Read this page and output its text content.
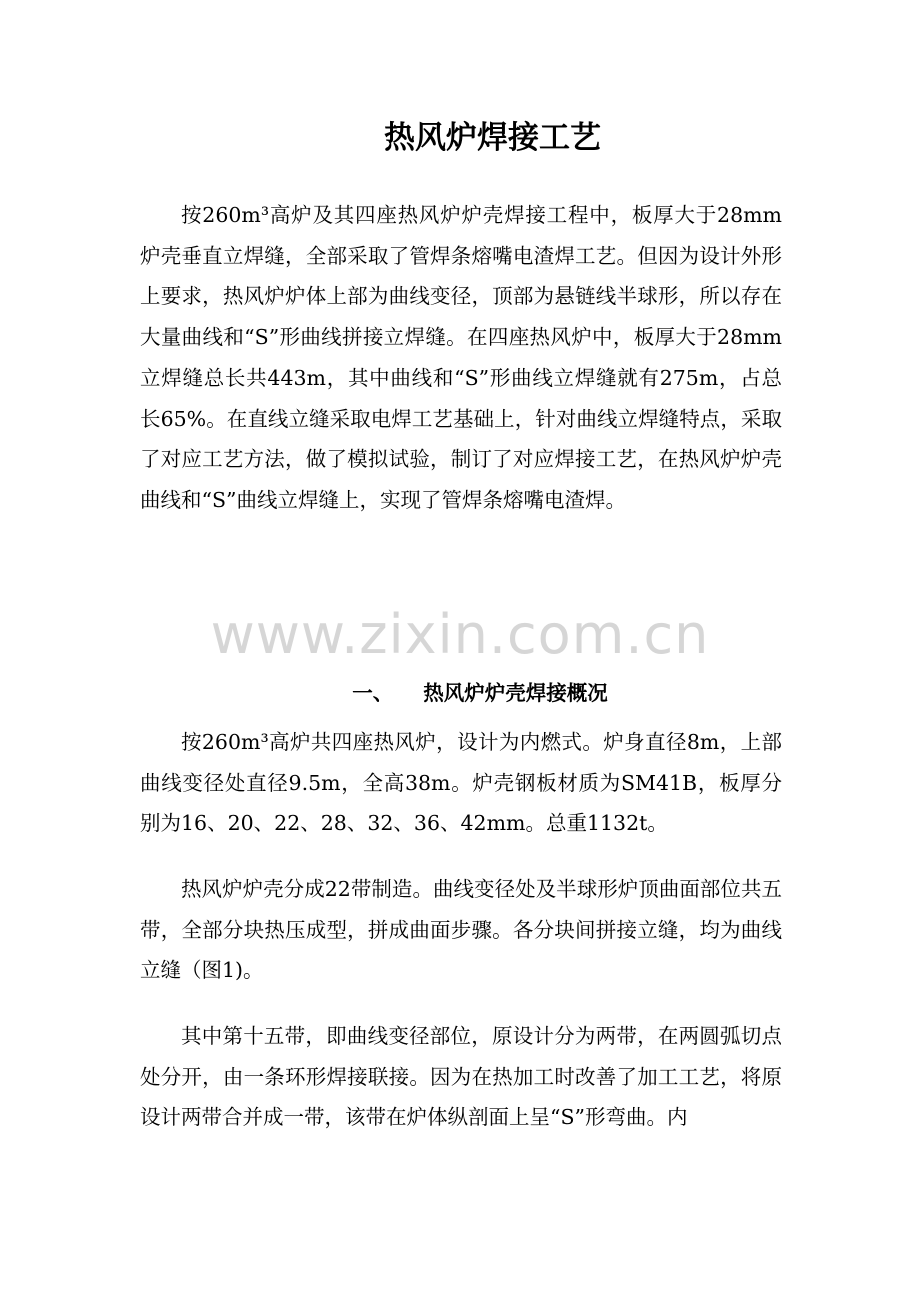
www.zixin.com.cn
热风炉焊接工艺

按260m³高炉及其四座热风炉炉壳焊接工程中，板厚大于28mm炉壳垂直立焊缝，全部采取了管焊条熔嘴电渣焊工艺。但因为设计外形上要求，热风炉炉体上部为曲线变径，顶部为悬链线半球形，所以存在大量曲线和“S”形曲线拼接立焊缝。在四座热风炉中，板厚大于28mm立焊缝总长共443m，其中曲线和“S”形曲线立焊缝就有275m，占总长65%。在直线立缝采取电焊工艺基础上，针对曲线立焊缝特点，采取了对应工艺方法，做了模拟试验，制订了对应焊接工艺，在热风炉炉壳曲线和“S”曲线立焊缝上，实现了管焊条熔嘴电渣焊。

一、 热风炉炉壳焊接概况

按260m³高炉共四座热风炉，设计为内燃式。炉身直径8m，上部曲线变径处直径9.5m，全高38m。炉壳钢板材质为SM41B，板厚分别为16、20、22、28、32、36、42mm。总重1132t。

热风炉炉壳分成22带制造。曲线变径处及半球形炉顶曲面部位共五带，全部分块热压成型，拼成曲面步骤。各分块间拼接立缝，均为曲线立缝（图1)。

其中第十五带，即曲线变径部位，原设计分为两带，在两圆弧切点处分开，由一条环形焊接联接。因为在热加工时改善了加工工艺，将原设计两带合并成一带，该带在炉体纵剖面上呈“S”形弯曲。内
